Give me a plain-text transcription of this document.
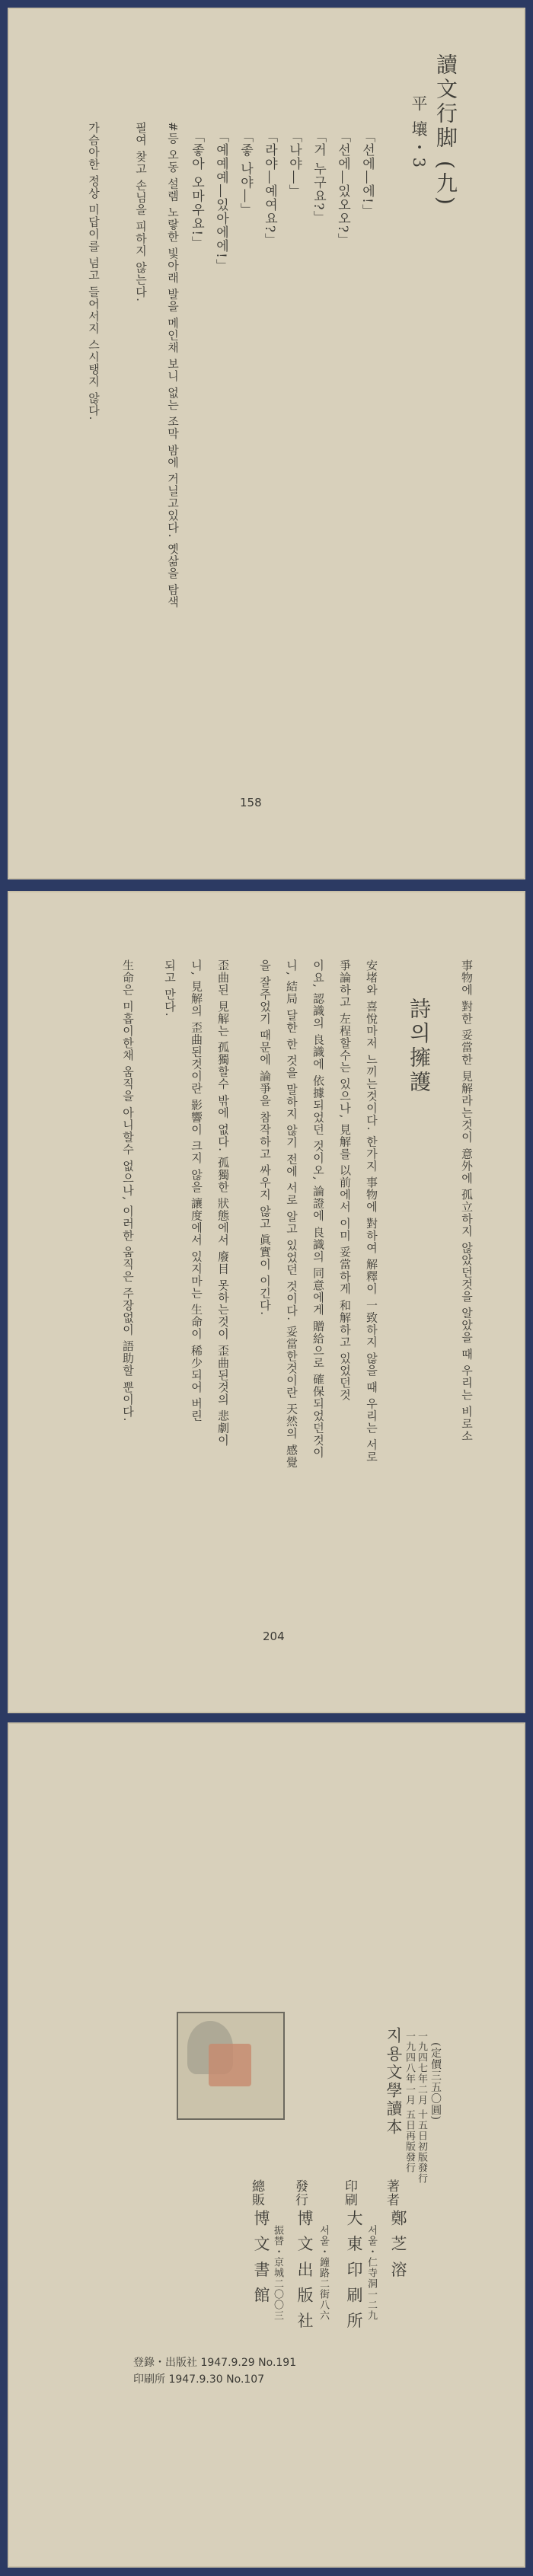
讀文行脚 (九)
平 壤・3
「선에―에!」
「선에―있오오?」
「거 누구요?」
「나야―」
「라야―예여요?」
「좋 나야―」
「예예예―있아에에!」
「좋아 오마우요!」
#등 오동 설렘 노랗한 빛아래 발을 메인채 보니 없는 조막 밤에 거닐고있다. 옛삶을 탐색
필여 찾고 손님을 피하지 않는다.
가슴아한 정상 미답이를 넘고 들어서지 스시탱지 않다.
158
詩의擁護 事物에 對한 妥當한 見解라는것이 意外에 孤立하지 않았던것을 알았을 때 우리는 비로소
安堵와 喜悅마저 느끼는것이다. 한가지 事物에 對하여 解釋이 一致하지 않을 때 우리는 서로
爭論하고 左程할수는 있으나, 見解를 以前에서 이미 妥當하게 和解하고 있었던것
이요, 認識의 良識에 依據되었던 것이오, 論證에 良識의 同意에게 贈給으로 確保되었던것이
니, 結局 달한 한 것을 말하지 않기 전에 서로 알고 있었던 것이다. 妥當한것이란 天然의 感覺
을 잘주었기 때문에 論爭을 참작하고 싸우지 않고 眞實이 이긴다.
歪曲된 見解는 孤獨할수 밖에 없다. 孤獨한 狀態에서 廢目 못하는것이 歪曲된것의 悲劇이
니, 見解의 歪曲된것이란 影響이 크지 않을 讓度에서 있지마는 生命이 稀少되어 버린
되고 만다.
生命은 미흡이한채 움직을 아니할수 없으나, 이러한 움직은 주장없이 語助할 뿐이다.
204
지용文學讀本	(定價三五〇圓)
一九四八年一月 五日再版發行 一九四七年二月 十五日初版發行
著者
鄭 芝 溶
印刷
大 東 印 刷 所 서울・仁寺洞一二九
發行
博 文 出 版 社 서울・鐘路二街八六
總販
博 文 書 館 振替・京城二〇〇三
登錄・出版社 1947.9.29 No.191
印刷所 1947.9.30 No.107
